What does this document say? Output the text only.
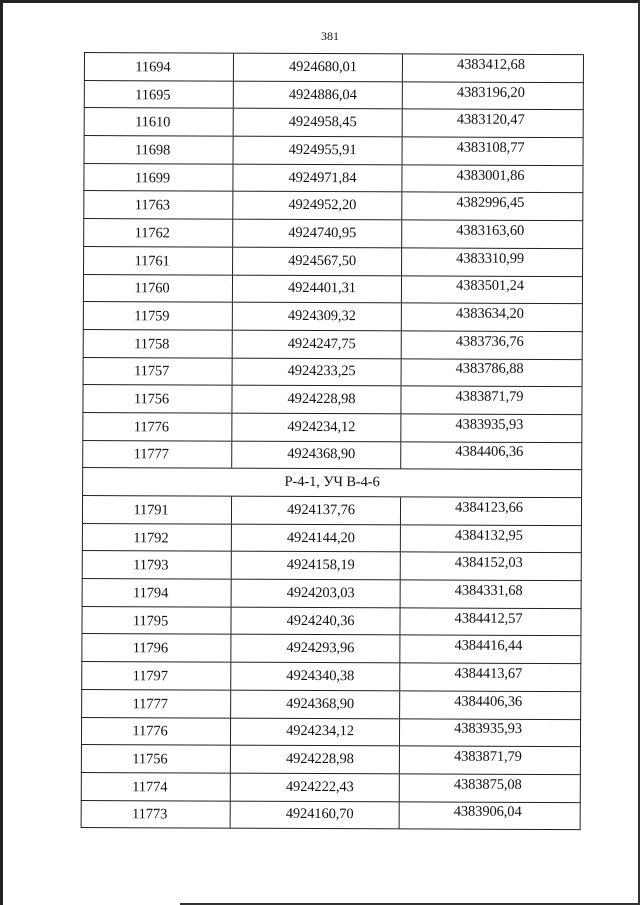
381
11694	4924680,01	4383412,68
11695	4924886,04	4383196,20
11610	4924958,45	4383120,47
11698	4924955,91	4383108,77
11699	4924971,84	4383001,86
11763	4924952,20	4382996,45
11762	4924740,95	4383163,60
11761	4924567,50	4383310,99
11760	4924401,31	4383501,24
11759	4924309,32	4383634,20
11758	4924247,75	4383736,76
11757	4924233,25	4383786,88
11756	4924228,98	4383871,79
11776	4924234,12	4383935,93
11777	4924368,90	4384406,36
Р-4-1, УЧ В-4-6
11791	4924137,76	4384123,66
11792	4924144,20	4384132,95
11793	4924158,19	4384152,03
11794	4924203,03	4384331,68
11795	4924240,36	4384412,57
11796	4924293,96	4384416,44
11797	4924340,38	4384413,67
11777	4924368,90	4384406,36
11776	4924234,12	4383935,93
11756	4924228,98	4383871,79
11774	4924222,43	4383875,08
11773	4924160,70	4383906,04
